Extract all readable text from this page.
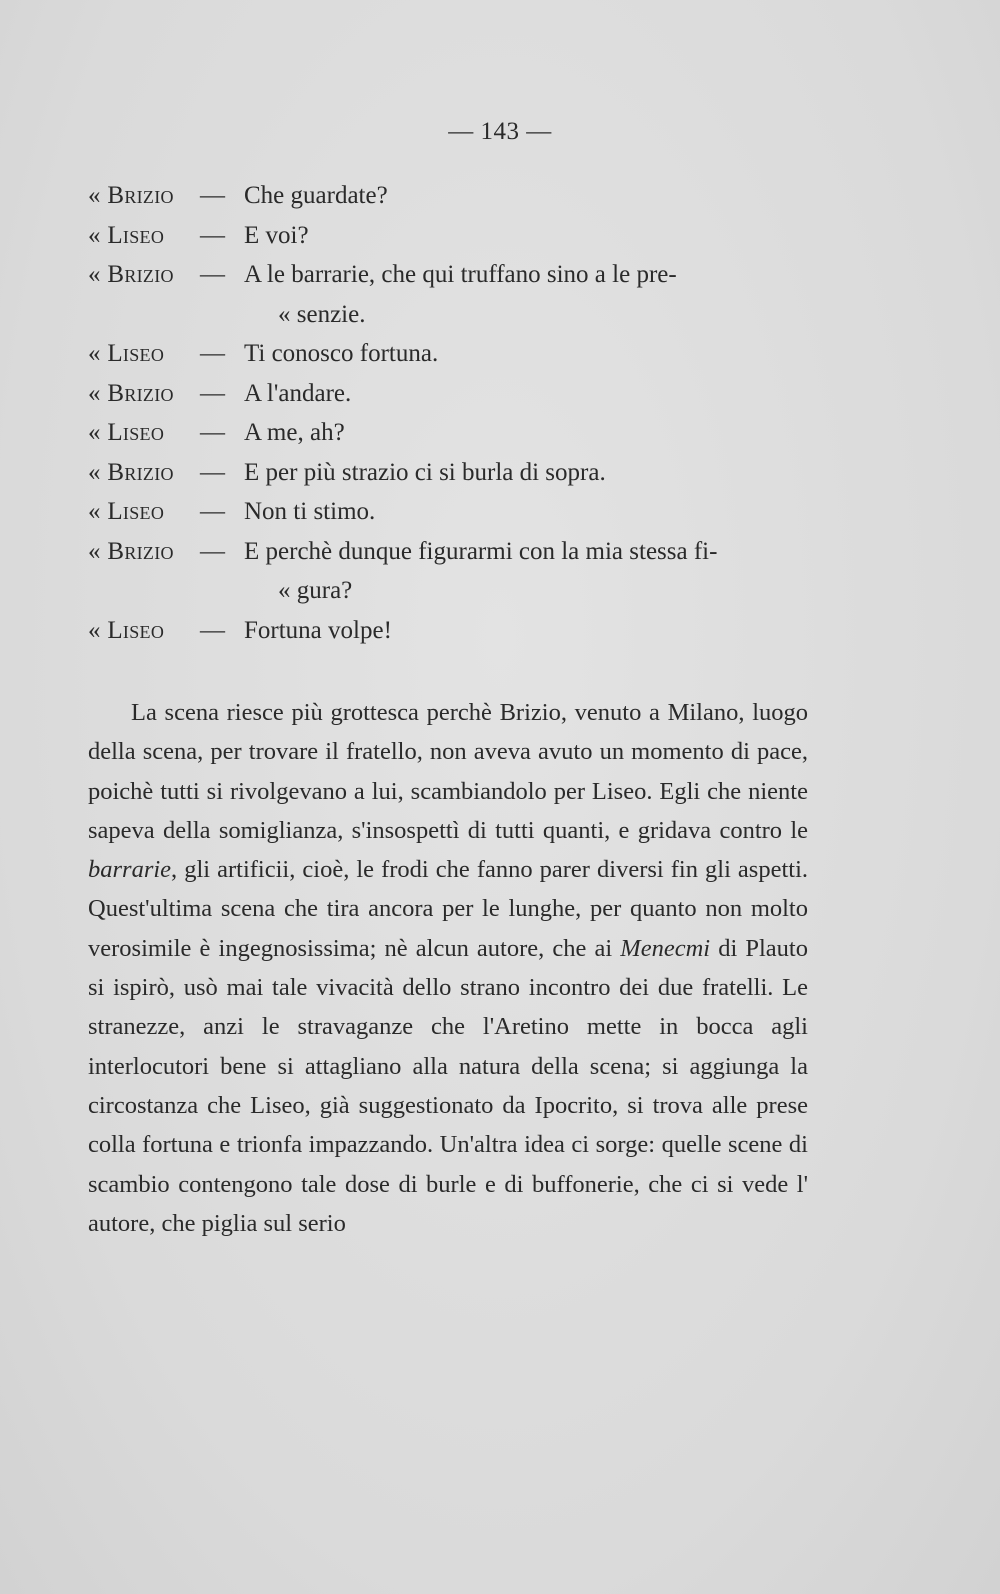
— 143 —
« Brizio — Che guardate?
« Liseo — E voi?
« Brizio — A le barrarie, che qui truffano sino a le pre-
« senzie.
« Liseo — Ti conosco fortuna.
« Brizio — A l'andare.
« Liseo — A me, ah?
« Brizio — E per più strazio ci si burla di sopra.
« Liseo — Non ti stimo.
« Brizio — E perchè dunque figurarmi con la mia stessa fi-
« gura?
« Liseo — Fortuna volpe!

La scena riesce più grottesca perchè Brizio, venuto a Milano, luogo della scena, per trovare il fratello, non aveva avuto un momento di pace, poichè tutti si rivolgevano a lui, scambiandolo per Liseo. Egli che niente sapeva della somiglianza, s'insospettì di tutti quanti, e gridava contro le barrarie, gli artificii, cioè, le frodi che fanno parer diversi fin gli aspetti. Quest'ultima scena che tira ancora per le lunghe, per quanto non molto verosimile è ingegnosissima; nè alcun autore, che ai Menecmi di Plauto si ispirò, usò mai tale vivacità dello strano incontro dei due fratelli. Le stranezze, anzi le stravaganze che l'Aretino mette in bocca agli interlocutori bene si attagliano alla natura della scena; si aggiunga la circostanza che Liseo, già suggestionato da Ipocrito, si trova alle prese colla fortuna e trionfa impazzando. Un'altra idea ci sorge: quelle scene di scambio contengono tale dose di burle e di buffonerie, che ci si vede l' autore, che piglia sul serio
